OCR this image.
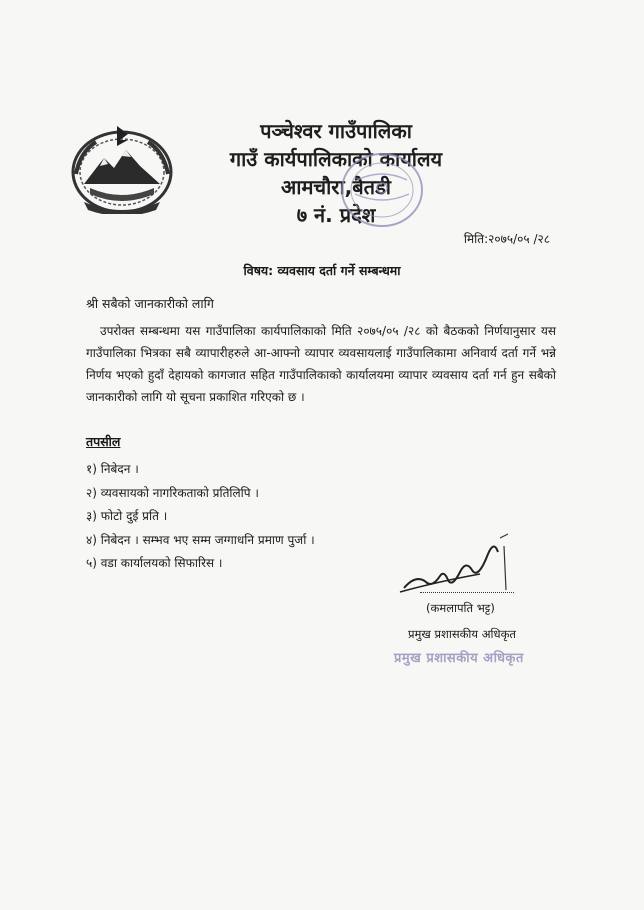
पञ्चेश्वर गाउँपालिका
गाउँ कार्यपालिकाको कार्यालय
आमचौरा,बैतडी
७ नं. प्रदेश
मिति:२०७५/०५ /२८
विषय: व्यवसाय दर्ता गर्ने सम्बन्धमा
श्री सबैको जानकारीको लागि
उपरोक्त सम्बन्धमा यस गाउँपालिका कार्यपालिकाको मिति २०७५/०५ /२८ को बैठकको निर्णयानुसार यस गाउँपालिका भित्रका सबै व्यापारीहरुले आ-आफ्नो व्यापार व्यवसायलाई गाउँपालिकामा अनिवार्य दर्ता गर्ने भन्ने निर्णय भएको हुदाँ देहायको कागजात सहित गाउँपालिकाको कार्यालयमा व्यापार व्यवसाय दर्ता गर्न हुन सबैको जानकारीको लागि यो सूचना प्रकाशित गरिएको छ ।
तपसील
१) निबेदन ।
२) व्यवसायको नागरिकताको प्रतिलिपि ।
३) फोटो दुई प्रति ।
४) निबेदन । सम्भव भए सम्म जग्गाधनि प्रमाण पुर्जा ।
५) वडा कार्यालयको सिफारिस ।
(कमलापति भट्ट)
प्रमुख प्रशासकीय अधिकृत
प्रमुख प्रशासकीय अधिकृत
